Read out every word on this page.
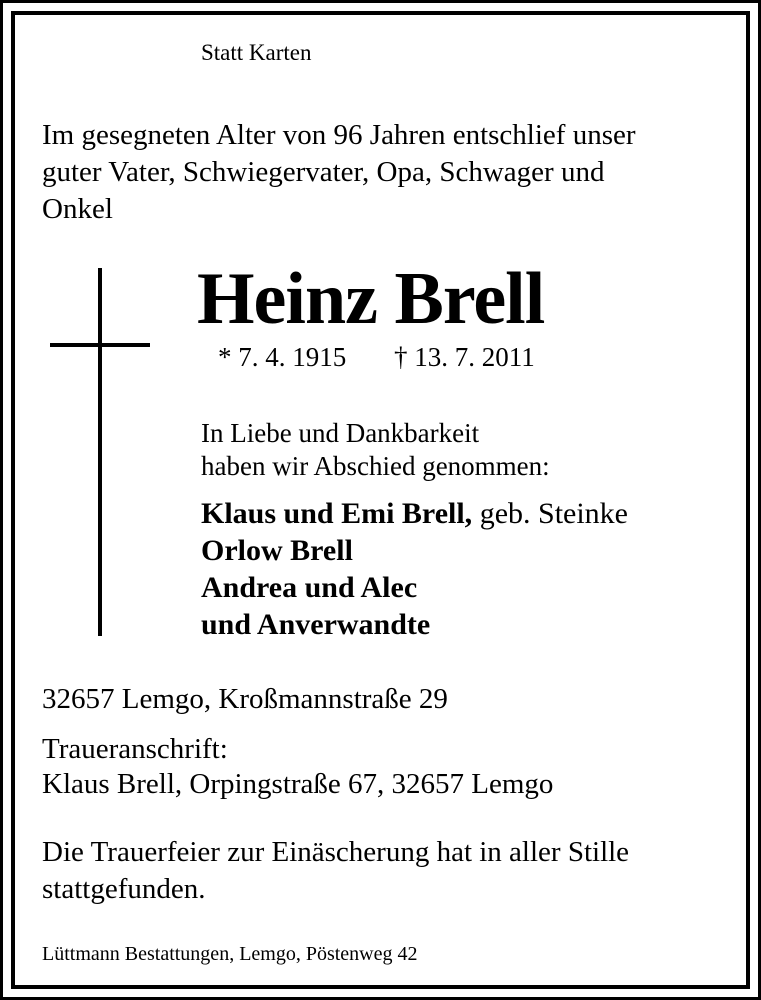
Statt Karten
Im gesegneten Alter von 96 Jahren entschlief unser
guter Vater, Schwiegervater, Opa, Schwager und
Onkel
Heinz Brell
* 7. 4. 1915 † 13. 7. 2011
In Liebe und Dankbarkeit
haben wir Abschied genommen:
Klaus und Emi Brell, geb. Steinke
Orlow Brell
Andrea und Alec
und Anverwandte
32657 Lemgo, Kroßmannstraße 29
Traueranschrift:
Klaus Brell, Orpingstraße 67, 32657 Lemgo
Die Trauerfeier zur Einäscherung hat in aller Stille
stattgefunden.
Lüttmann Bestattungen, Lemgo, Pöstenweg 42
